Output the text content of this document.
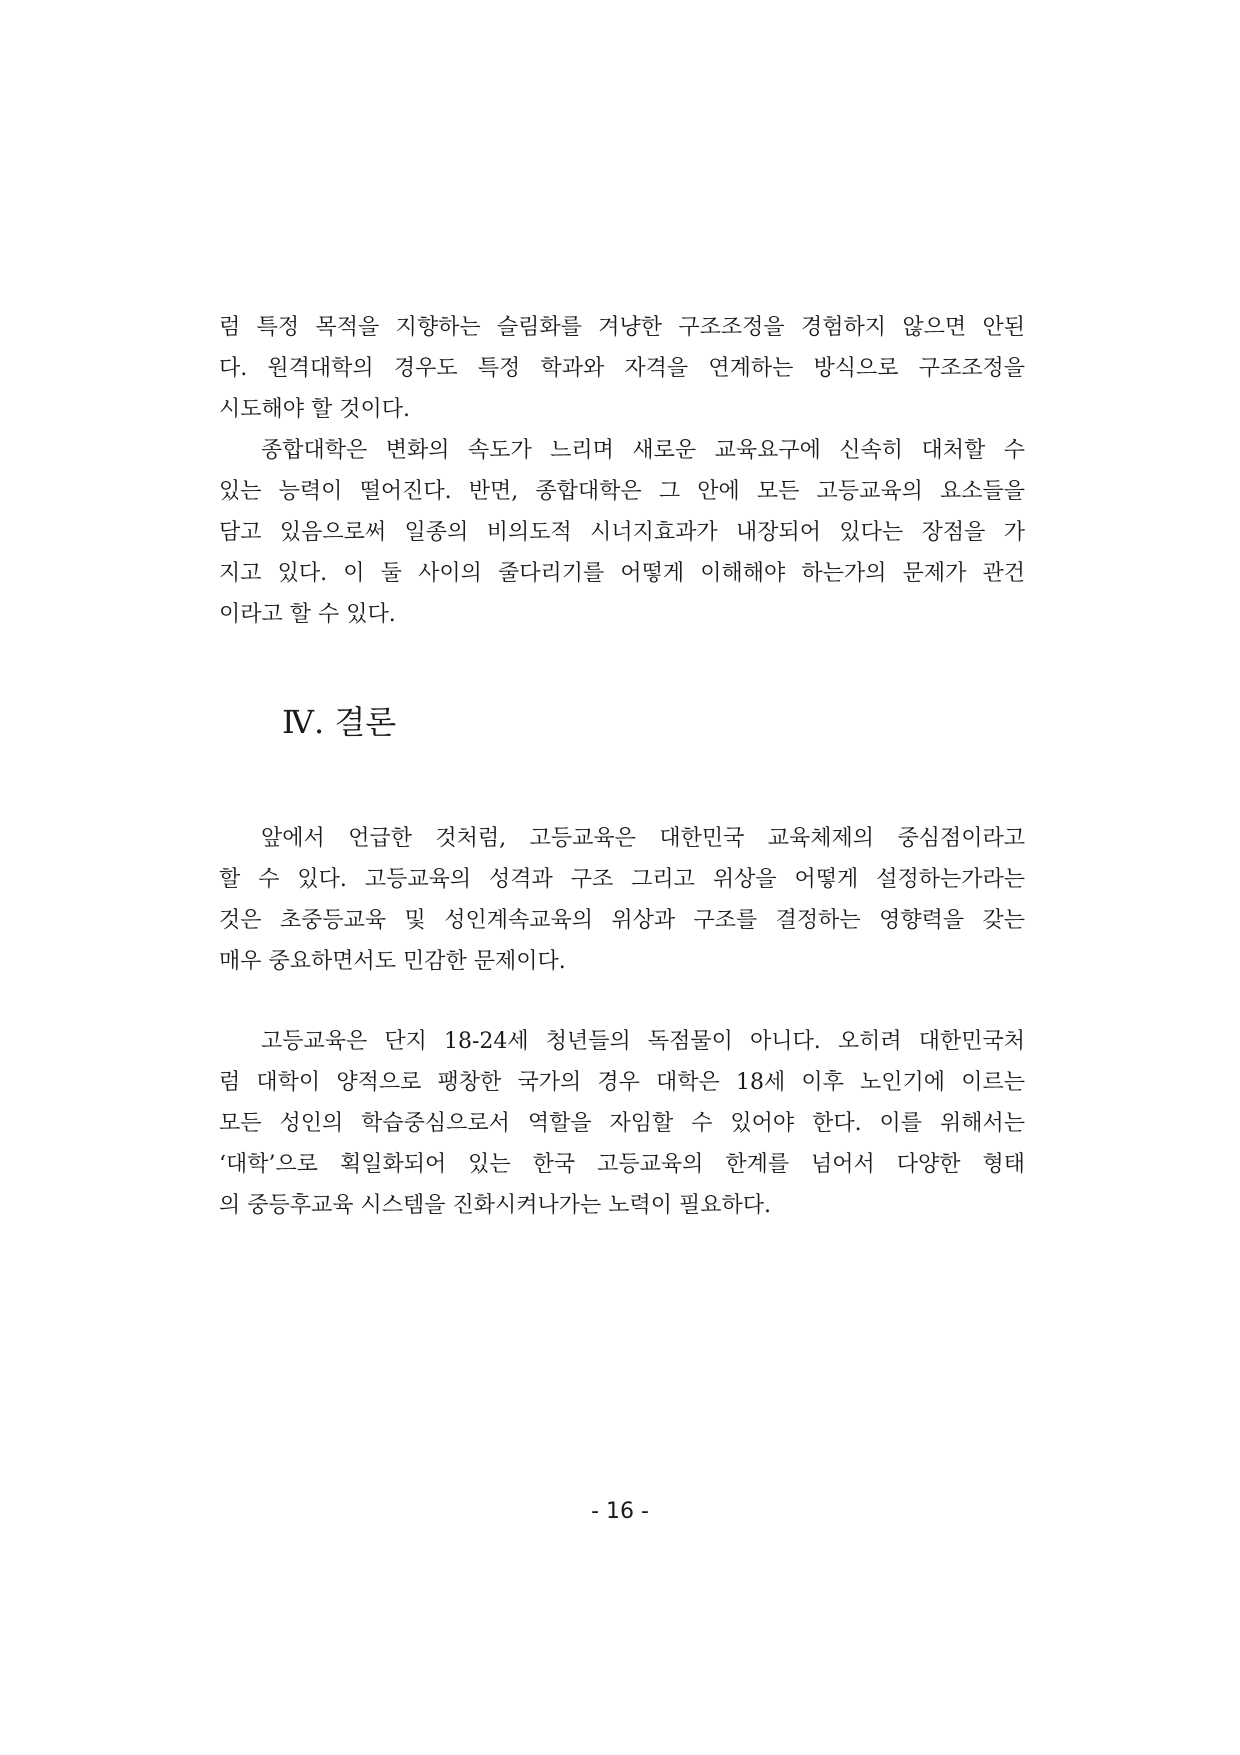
럼 특정 목적을 지향하는 슬림화를 겨냥한 구조조정을 경험하지 않으면 안된
다. 원격대학의 경우도 특정 학과와 자격을 연계하는 방식으로 구조조정을
시도해야 할 것이다.
종합대학은 변화의 속도가 느리며 새로운 교육요구에 신속히 대처할 수
있는 능력이 떨어진다. 반면, 종합대학은 그 안에 모든 고등교육의 요소들을
담고 있음으로써 일종의 비의도적 시너지효과가 내장되어 있다는 장점을 가
지고 있다. 이 둘 사이의 줄다리기를 어떻게 이해해야 하는가의 문제가 관건
이라고 할 수 있다.
Ⅳ. 결론
앞에서 언급한 것처럼, 고등교육은 대한민국 교육체제의 중심점이라고
할 수 있다. 고등교육의 성격과 구조 그리고 위상을 어떻게 설정하는가라는
것은 초중등교육 및 성인계속교육의 위상과 구조를 결정하는 영향력을 갖는
매우 중요하면서도 민감한 문제이다.
고등교육은 단지 18-24세 청년들의 독점물이 아니다. 오히려 대한민국처
럼 대학이 양적으로 팽창한 국가의 경우 대학은 18세 이후 노인기에 이르는
모든 성인의 학습중심으로서 역할을 자임할 수 있어야 한다. 이를 위해서는
‘대학’으로 획일화되어 있는 한국 고등교육의 한계를 넘어서 다양한 형태
의 중등후교육 시스템을 진화시켜나가는 노력이 필요하다.
- 16 -
